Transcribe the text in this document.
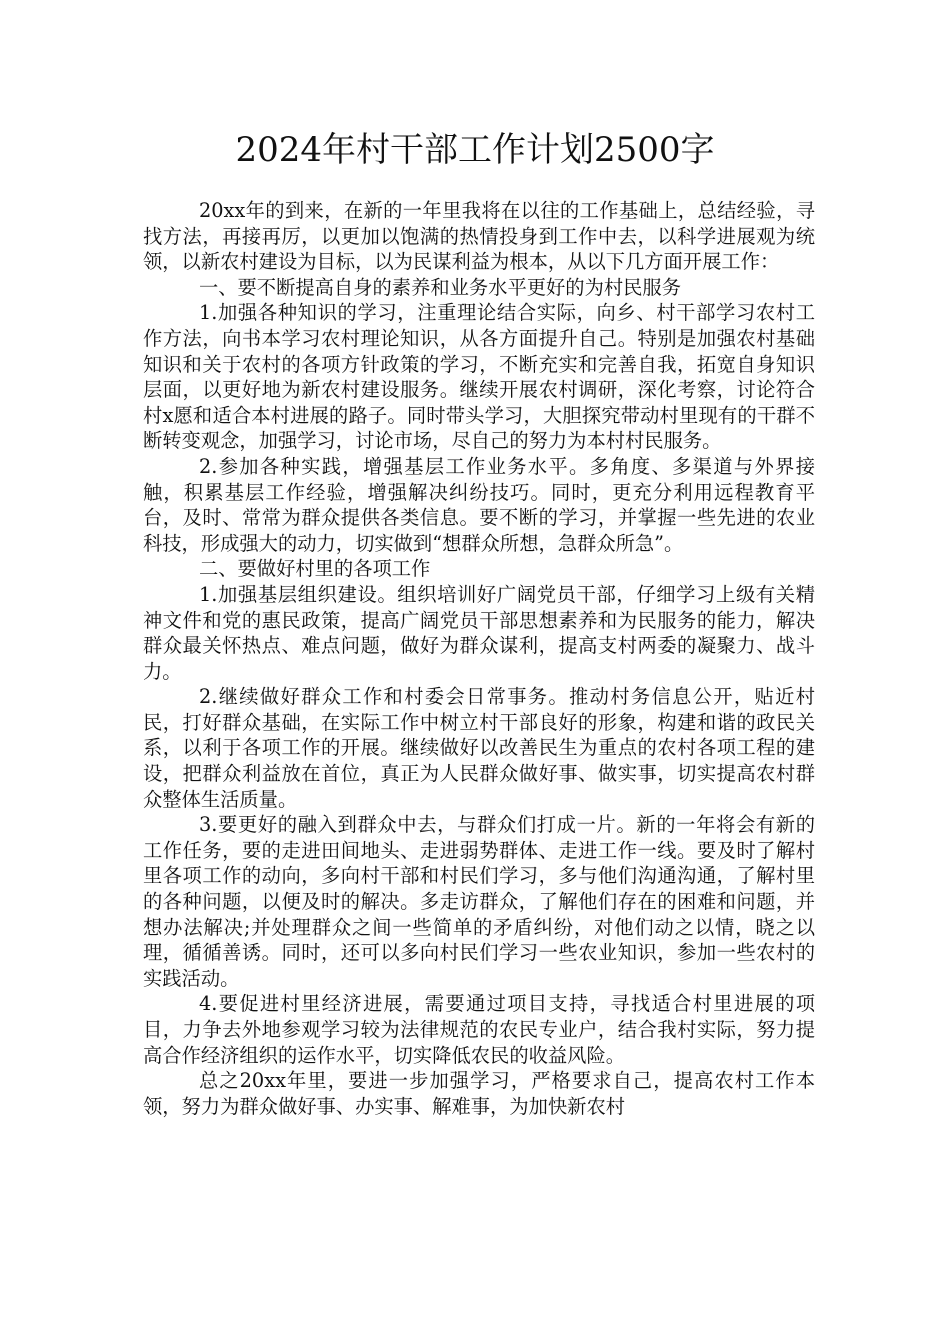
2024年村干部工作计划2500字

20xx年的到来，在新的一年里我将在以往的工作基础上，总结经验，寻找方法，再接再厉，以更加以饱满的热情投身到工作中去，以科学进展观为统领，以新农村建设为目标，以为民谋利益为根本，从以下几方面开展工作：

一、要不断提高自身的素养和业务水平更好的为村民服务

1.加强各种知识的学习，注重理论结合实际，向乡、村干部学习农村工作方法，向书本学习农村理论知识，从各方面提升自己。特别是加强农村基础知识和关于农村的各项方针政策的学习，不断充实和完善自我，拓宽自身知识层面，以更好地为新农村建设服务。继续开展农村调研，深化考察，讨论符合村x愿和适合本村进展的路子。同时带头学习，大胆探究带动村里现有的干群不断转变观念，加强学习，讨论市场，尽自己的努力为本村村民服务。

2.参加各种实践，增强基层工作业务水平。多角度、多渠道与外界接触，积累基层工作经验，增强解决纠纷技巧。同时，更充分利用远程教育平台，及时、常常为群众提供各类信息。要不断的学习，并掌握一些先进的农业科技，形成强大的动力，切实做到“想群众所想，急群众所急”。

二、要做好村里的各项工作

1.加强基层组织建设。组织培训好广阔党员干部，仔细学习上级有关精神文件和党的惠民政策，提高广阔党员干部思想素养和为民服务的能力，解决群众最关怀热点、难点问题，做好为群众谋利，提高支村两委的凝聚力、战斗力。

2.继续做好群众工作和村委会日常事务。推动村务信息公开，贴近村民，打好群众基础，在实际工作中树立村干部良好的形象，构建和谐的政民关系，以利于各项工作的开展。继续做好以改善民生为重点的农村各项工程的建设，把群众利益放在首位，真正为人民群众做好事、做实事，切实提高农村群众整体生活质量。

3.要更好的融入到群众中去，与群众们打成一片。新的一年将会有新的工作任务，要的走进田间地头、走进弱势群体、走进工作一线。要及时了解村里各项工作的动向，多向村干部和村民们学习，多与他们沟通沟通，了解村里的各种问题，以便及时的解决。多走访群众，了解他们存在的困难和问题，并想办法解决;并处理群众之间一些简单的矛盾纠纷，对他们动之以情，晓之以理，循循善诱。同时，还可以多向村民们学习一些农业知识，参加一些农村的实践活动。

4.要促进村里经济进展，需要通过项目支持，寻找适合村里进展的项目，力争去外地参观学习较为法律规范的农民专业户，结合我村实际，努力提高合作经济组织的运作水平，切实降低农民的收益风险。

总之20xx年里，要进一步加强学习，严格要求自己，提高农村工作本领，努力为群众做好事、办实事、解难事，为加快新农村
